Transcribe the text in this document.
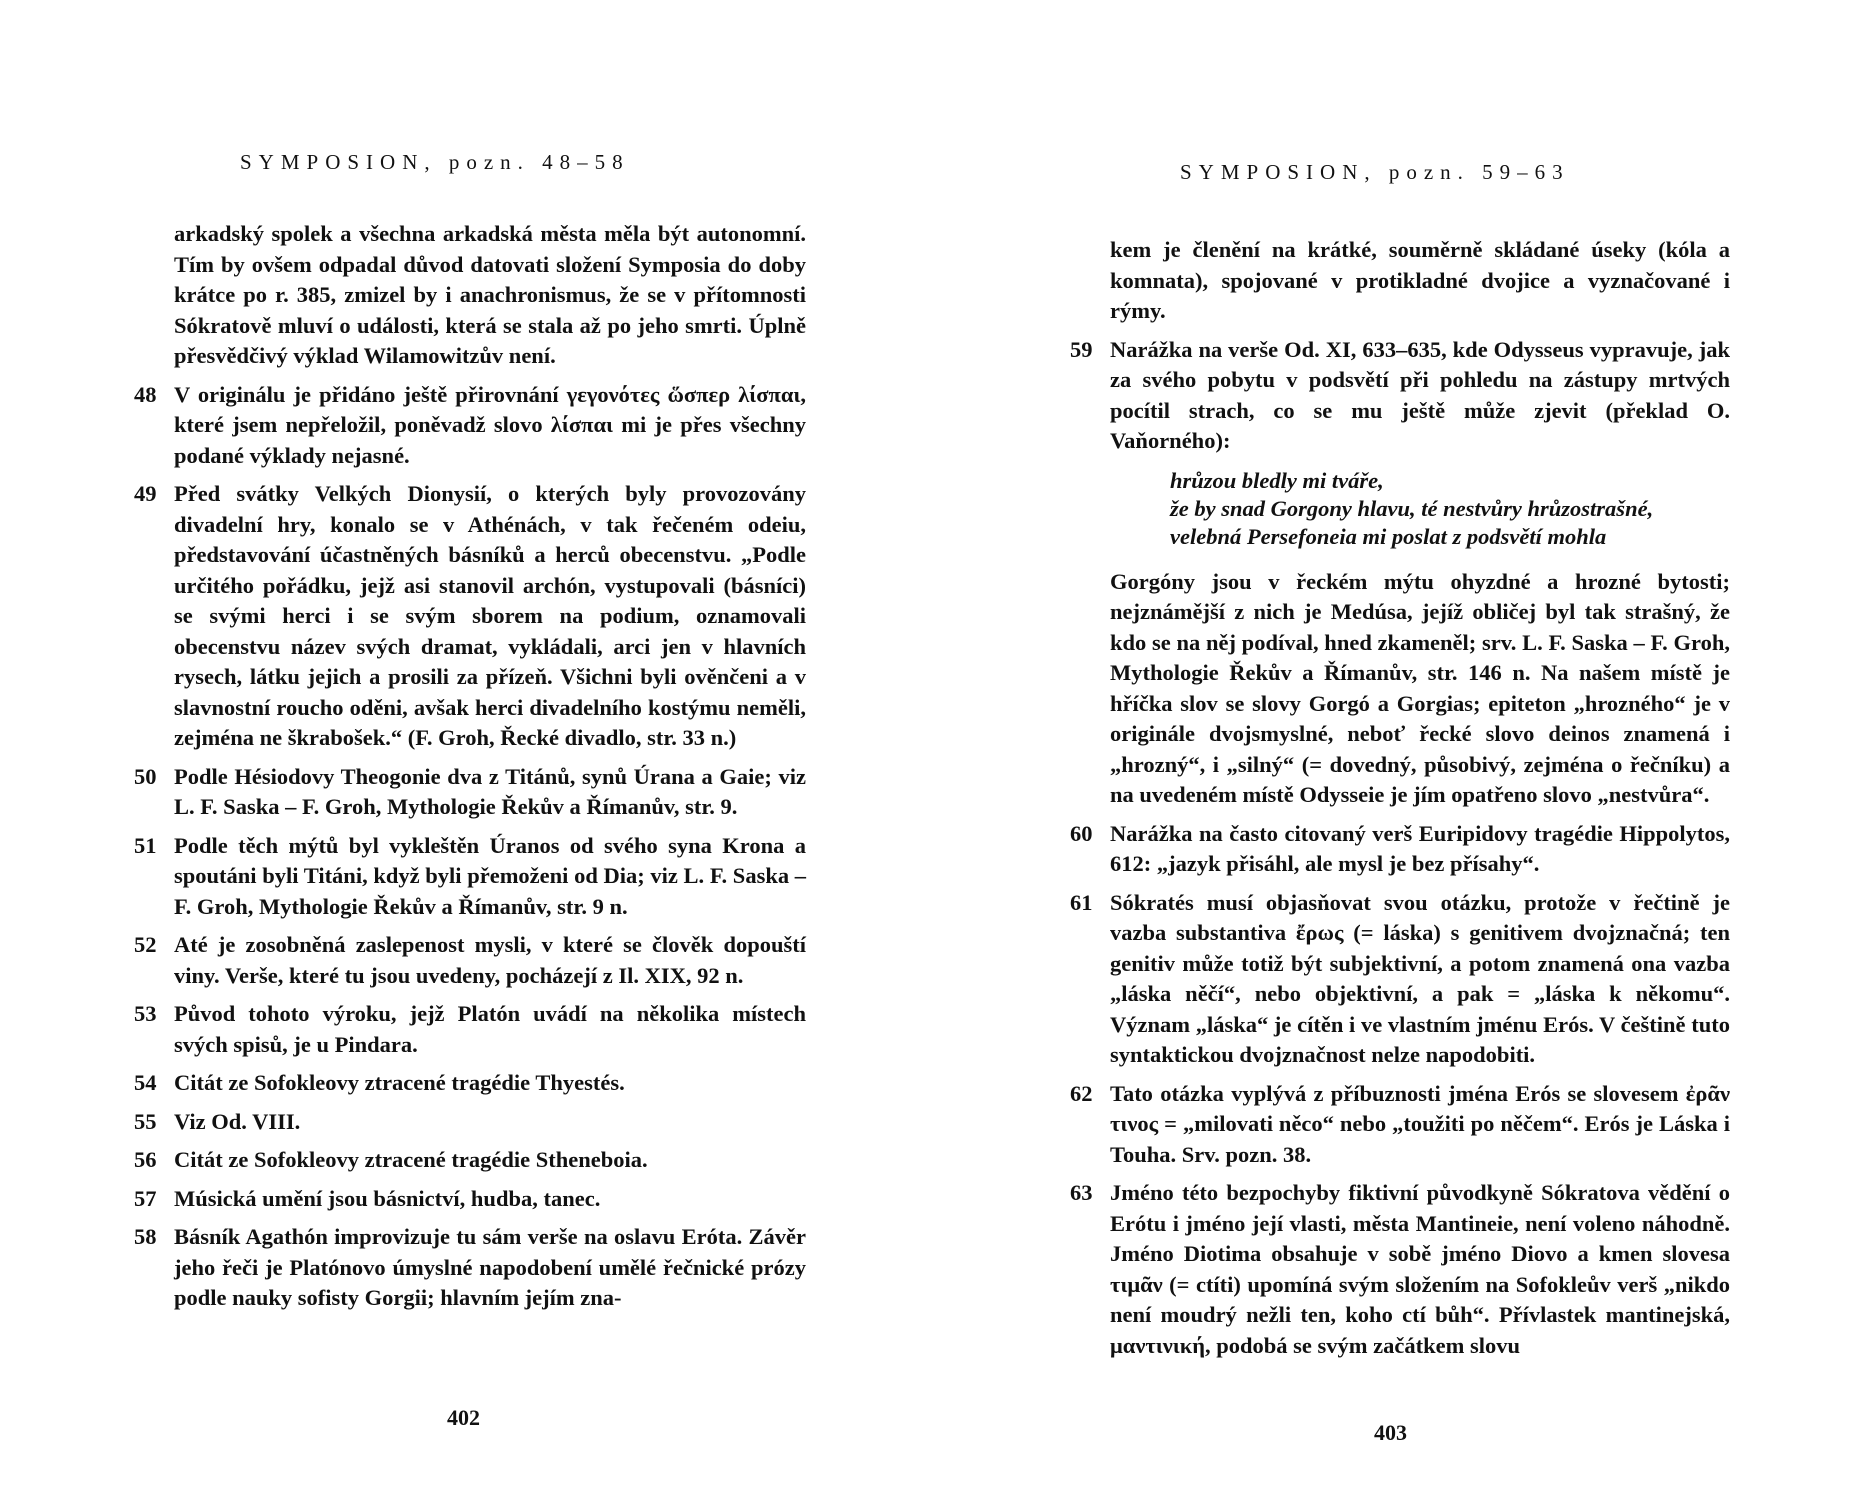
SYMPOSION, pozn. 48–58

arkadský spolek a všechna arkadská města měla být autonomní. Tím by ovšem odpadal důvod datovati složení Symposia do doby krátce po r. 385, zmizel by i anachronismus, že se v přítomnosti Sókratově mluví o události, která se stala až po jeho smrti. Úplně přesvědčivý výklad Wilamowitzův není.

48 V originálu je přidáno ještě přirovnání γεγονότες ὥσπερ λίσπαι, které jsem nepřeložil, poněvadž slovo λίσπαι mi je přes všechny podané výklady nejasné.
49 Před svátky Velkých Dionysií, o kterých byly provozovány divadelní hry, konalo se v Athénách, v tak řečeném odeiu, představování účastněných básníků a herců obecenstvu. „Podle určitého pořádku, jejž asi stanovil archón, vystupovali (básníci) se svými herci i se svým sborem na podium, oznamovali obecenstvu název svých dramat, vykládali, arci jen v hlavních rysech, látku jejich a prosili za přízeň. Všichni byli ověnčeni a v slavnostní roucho oděni, avšak herci divadelního kostýmu neměli, zejména ne škrabošek.“ (F. Groh, Řecké divadlo, str. 33 n.)
50 Podle Hésiodovy Theogonie dva z Titánů, synů Úrana a Gaie; viz L. F. Saska – F. Groh, Mythologie Řekův a Římanův, str. 9.
51 Podle těch mýtů byl vykleštěn Úranos od svého syna Krona a spoutáni byli Titáni, když byli přemoženi od Dia; viz L. F. Saska – F. Groh, Mythologie Řekův a Římanův, str. 9 n.
52 Até je zosobněná zaslepenost mysli, v které se člověk dopouští viny. Verše, které tu jsou uvedeny, pocházejí z Il. XIX, 92 n.
53 Původ tohoto výroku, jejž Platón uvádí na několika místech svých spisů, je u Pindara.
54 Citát ze Sofokleovy ztracené tragédie Thyestés.
55 Viz Od. VIII.
56 Citát ze Sofokleovy ztracené tragédie Stheneboia.
57 Músická umění jsou básnictví, hudba, tanec.
58 Básník Agathón improvizuje tu sám verše na oslavu Eróta. Závěr jeho řeči je Platónovo úmyslné napodobení umělé řečnické prózy podle nauky sofisty Gorgii; hlavním jejím zna-
402
SYMPOSION, pozn. 59–63

kem je členění na krátké, souměrně skládané úseky (kóla a komnata), spojované v protikladné dvojice a vyznačované i rýmy.

59 Narážka na verše Od. XI, 633–635, kde Odysseus vypravuje, jak za svého pobytu v podsvětí při pohledu na zástupy mrtvých pocítil strach, co se mu ještě může zjevit (překlad O. Vaňorného):
hrůzou bledly mi tváře,
že by snad Gorgony hlavu, té nestvůry hrůzostrašné,
velebná Persefoneia mi poslat z podsvětí mohla
Gorgóny jsou v řeckém mýtu ohyzdné a hrozné bytosti; nejznámější z nich je Medúsa, jejíž obličej byl tak strašný, že kdo se na něj podíval, hned zkameněl; srv. L. F. Saska – F. Groh, Mythologie Řekův a Římanův, str. 146 n. Na našem místě je hříčka slov se slovy Gorgó a Gorgias; epiteton „hrozného“ je v originále dvojsmyslné, neboť řecké slovo deinos znamená i „hrozný“, i „silný“ (= dovedný, působivý, zejména o řečníku) a na uvedeném místě Odysseie je jím opatřeno slovo „nestvůra“.
60 Narážka na často citovaný verš Euripidovy tragédie Hippolytos, 612: „jazyk přisáhl, ale mysl je bez přísahy“.
61 Sókratés musí objasňovat svou otázku, protože v řečtině je vazba substantiva ἔρως (= láska) s genitivem dvojznačná; ten genitiv může totiž být subjektivní, a potom znamená ona vazba „láska něčí“, nebo objektivní, a pak = „láska k někomu“. Význam „láska“ je cítěn i ve vlastním jménu Erós. V češtině tuto syntaktickou dvojznačnost nelze napodobiti.
62 Tato otázka vyplývá z příbuznosti jména Erós se slovesem ἐρᾶν τινος = „milovati něco“ nebo „toužiti po něčem“. Erós je Láska i Touha. Srv. pozn. 38.
63 Jméno této bezpochyby fiktivní původkyně Sókratova vědění o Erótu i jméno její vlasti, města Mantineie, není voleno náhodně. Jméno Diotima obsahuje v sobě jméno Diovo a kmen slovesa τιμᾶν (= ctíti) upomíná svým složením na Sofokleův verš „nikdo není moudrý nežli ten, koho ctí bůh“. Přívlastek mantinejská, μαντινική, podobá se svým začátkem slovu
403
